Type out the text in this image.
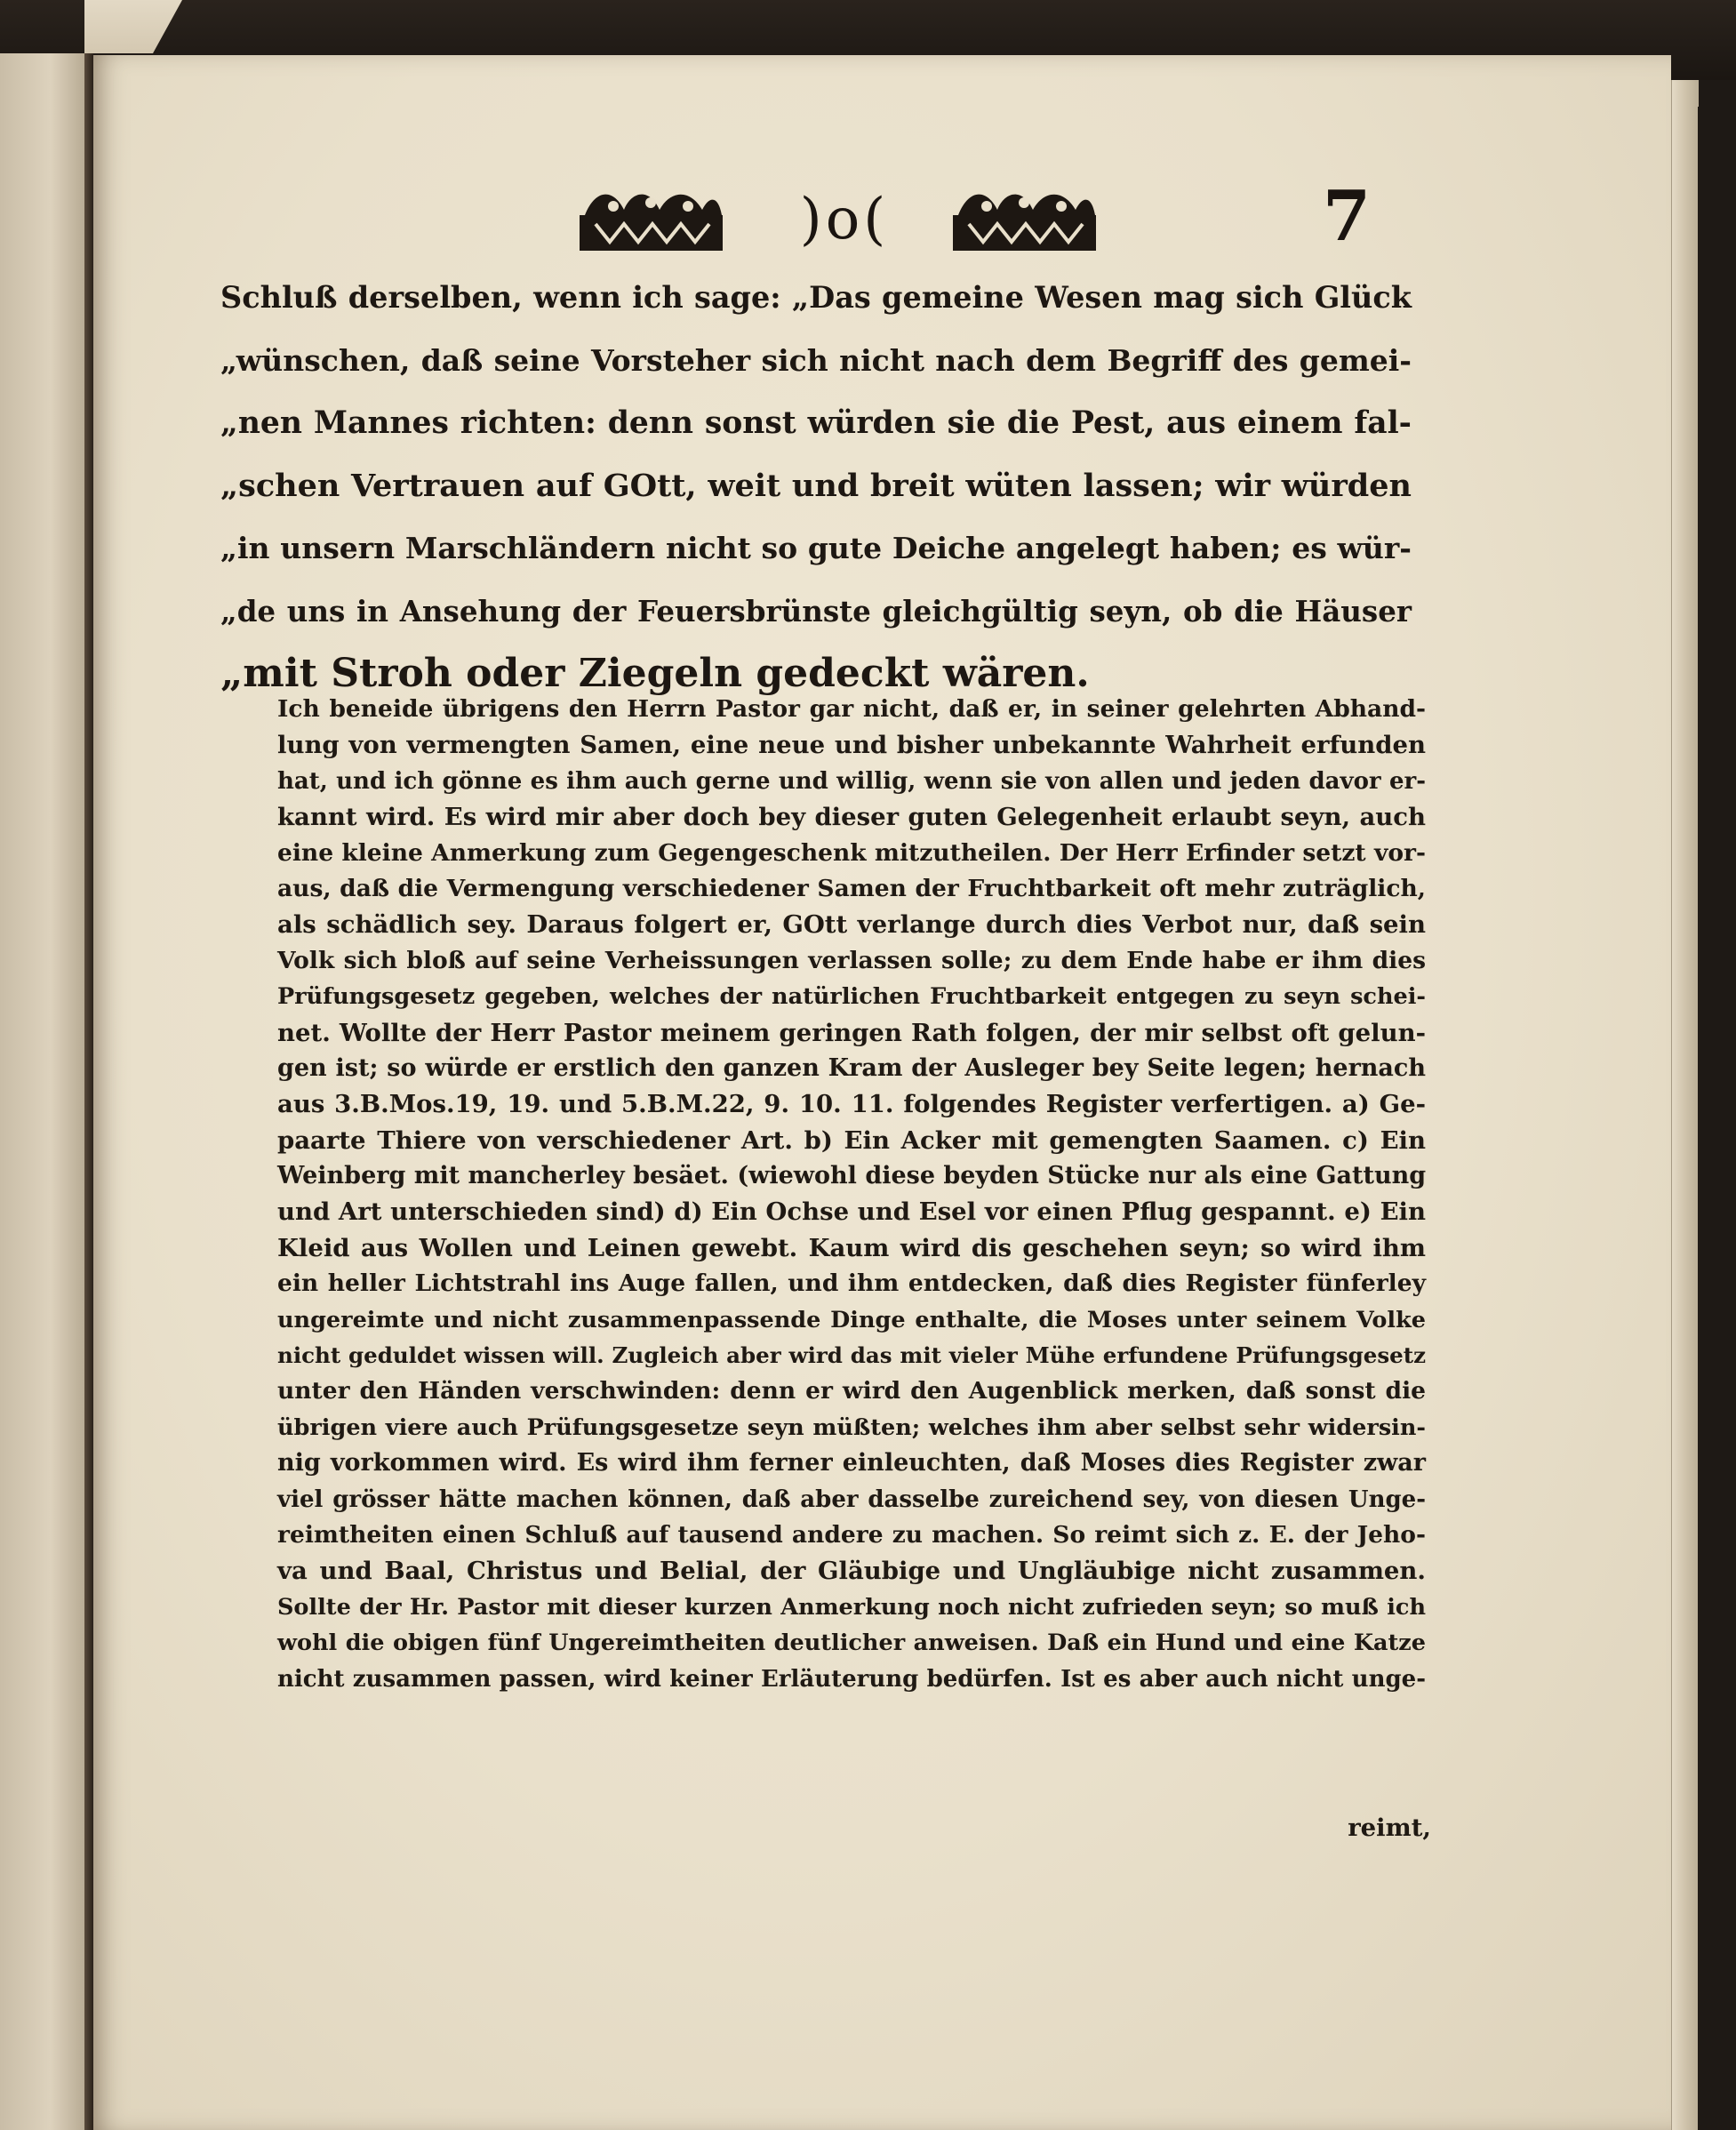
)o(	7
Schluß derselben, wenn ich sage: „Das gemeine Wesen mag sich Glück
„wünschen, daß seine Vorsteher sich nicht nach dem Begriff des gemei-
„nen Mannes richten: denn sonst würden sie die Pest, aus einem fal-
„schen Vertrauen auf GOtt, weit und breit wüten lassen; wir würden
„in unsern Marschländern nicht so gute Deiche angelegt haben; es wür-
„de uns in Ansehung der Feuersbrünste gleichgültig seyn, ob die Häuser
„mit Stroh oder Ziegeln gedeckt wären.
Ich beneide übrigens den Herrn Pastor gar nicht, daß er, in seiner gelehrten Abhand-
lung von vermengten Samen, eine neue und bisher unbekannte Wahrheit erfunden
hat, und ich gönne es ihm auch gerne und willig, wenn sie von allen und jeden davor er-
kannt wird. Es wird mir aber doch bey dieser guten Gelegenheit erlaubt seyn, auch
eine kleine Anmerkung zum Gegengeschenk mitzutheilen. Der Herr Erfinder setzt vor-
aus, daß die Vermengung verschiedener Samen der Fruchtbarkeit oft mehr zuträglich,
als schädlich sey. Daraus folgert er, GOtt verlange durch dies Verbot nur, daß sein
Volk sich bloß auf seine Verheissungen verlassen solle; zu dem Ende habe er ihm dies
Prüfungsgesetz gegeben, welches der natürlichen Fruchtbarkeit entgegen zu seyn schei-
net. Wollte der Herr Pastor meinem geringen Rath folgen, der mir selbst oft gelun-
gen ist; so würde er erstlich den ganzen Kram der Ausleger bey Seite legen; hernach
aus 3.B.Mos.19, 19. und 5.B.M.22, 9. 10. 11. folgendes Register verfertigen. a) Ge-
paarte Thiere von verschiedener Art. b) Ein Acker mit gemengten Saamen. c) Ein
Weinberg mit mancherley besäet. (wiewohl diese beyden Stücke nur als eine Gattung
und Art unterschieden sind) d) Ein Ochse und Esel vor einen Pflug gespannt. e) Ein
Kleid aus Wollen und Leinen gewebt. Kaum wird dis geschehen seyn; so wird ihm
ein heller Lichtstrahl ins Auge fallen, und ihm entdecken, daß dies Register fünferley
ungereimte und nicht zusammenpassende Dinge enthalte, die Moses unter seinem Volke
nicht geduldet wissen will. Zugleich aber wird das mit vieler Mühe erfundene Prüfungsgesetz
unter den Händen verschwinden: denn er wird den Augenblick merken, daß sonst die
übrigen viere auch Prüfungsgesetze seyn müßten; welches ihm aber selbst sehr widersin-
nig vorkommen wird. Es wird ihm ferner einleuchten, daß Moses dies Register zwar
viel grösser hätte machen können, daß aber dasselbe zureichend sey, von diesen Unge-
reimtheiten einen Schluß auf tausend andere zu machen. So reimt sich z. E. der Jeho-
va und Baal, Christus und Belial, der Gläubige und Ungläubige nicht zusammen.
Sollte der Hr. Pastor mit dieser kurzen Anmerkung noch nicht zufrieden seyn; so muß ich
wohl die obigen fünf Ungereimtheiten deutlicher anweisen. Daß ein Hund und eine Katze
nicht zusammen passen, wird keiner Erläuterung bedürfen. Ist es aber auch nicht unge-
reimt,
